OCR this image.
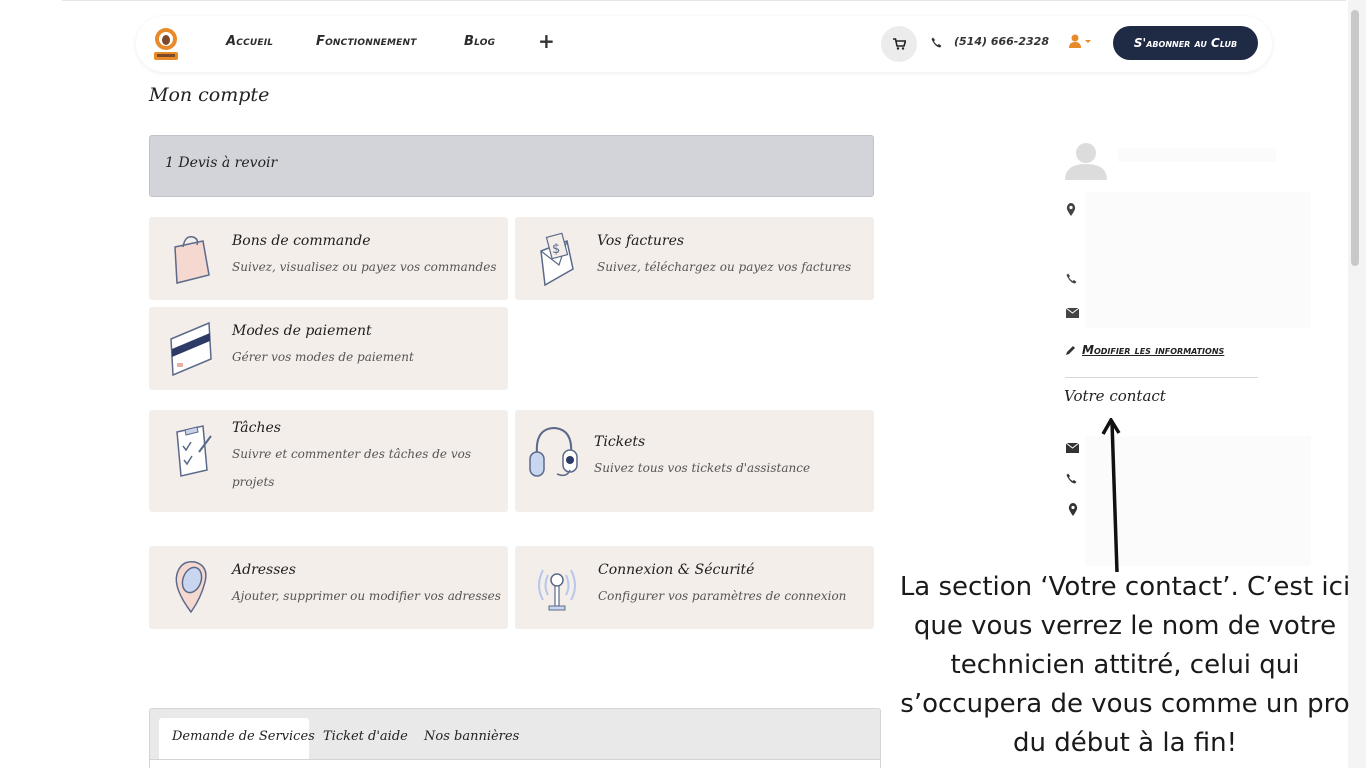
Accueil	Fonctionnement	Blog +	(514) 666-2328	S'abonner au Club
Mon compte
1 Devis à revoir
Bons de commande
Suivez, visualisez ou payez vos commandes
$
Vos factures
Suivez, téléchargez ou payez vos factures
Modes de paiement
Gérer vos modes de paiement
Tâches
Suivre et commenter des tâches de vos projets
Tickets
Suivez tous vos tickets d'assistance
Adresses
Ajouter, supprimer ou modifier vos adresses
Connexion & Sécurité
Configurer vos paramètres de connexion
Modifier les informations
Votre contact
La section ‘Votre contact’. C’est ici que vous verrez le nom de votre technicien attitré, celui qui s’occupera de vous comme un pro du début à la fin!
Demande de Services Ticket d'aide Nos bannières
